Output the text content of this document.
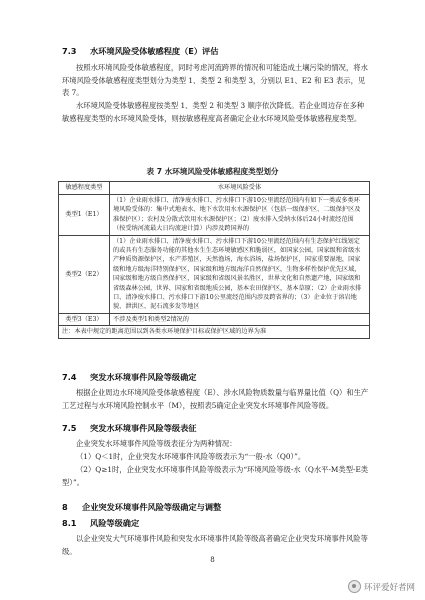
7.3 水环境风险受体敏感程度（E）评估
按照水环境风险受体敏感程度，同时考虑河流跨界的情况和可能造成土壤污染的情况，将水环境风险受体敏感程度类型划分为类型 1、类型 2 和类型 3，分别以 E1、E2 和 E3 表示，见表 7。
水环境风险受体敏感程度按类型 1、类型 2 和类型 3 顺序依次降低。若企业周边存在多种敏感程度类型的水环境风险受体，则按敏感程度高者确定企业水环境风险受体敏感程度类型。
表 7 水环境风险受体敏感程度类型划分
敏感程度类型	水环境风险受体
类型1（E1）	（1）企业雨水排口、清净废水排口、污水排口下游10公里流经范围内有如下一类或多类环境风险受体的：集中式地表水、地下水饮用水水源保护区（包括一级保护区、二级保护区及准保护区）；农村及分散式饮用水水源保护区；（2）废水排入受纳水体后24小时流经范围（按受纳河流最大日均流速计算）内涉及跨国界的
类型2（E2）	（1）企业雨水排口、清净废水排口、污水排口下游10公里流经范围内有生态保护红线划定的或具有生态服务功能的其他水生生态环境敏感区和脆弱区，如国家公园，国家级和省级水产种质资源保护区，水产养殖区，天然渔场，海水浴场，盐场保护区，国家重要湿地，国家级和地方级海洋特别保护区，国家级和地方级海洋自然保护区，生物多样性保护优先区域，国家级和地方级自然保护区，国家级和省级风景名胜区，世界文化和自然遗产地，国家级和省级森林公园，世界、国家和省级地质公园，基本农田保护区，基本草原；（2）企业雨水排口、清净废水排口、污水排口下游10公里流经范围内涉及跨省界的；（3）企业位于溶岩地貌、泄洪区、泥石流多发等地区
类型3（E3）	不涉及类型1和类型2情况的
注：本表中规定的距离范围以到各类水环境保护目标或保护区域的边界为准	
7.4 突发水环境事件风险等级确定
根据企业周边水环境风险受体敏感程度（E）、涉水风险物质数量与临界量比值（Q）和生产工艺过程与水环境风险控制水平（M），按照表5确定企业突发水环境事件风险等级。
7.5 突发水环境事件风险等级表征
企业突发水环境事件风险等级表征分为两种情况：
（1）Q＜1时，企业突发水环境事件风险等级表示为“一般-水（Q0）”。
（2）Q≥1时，企业突发水环境事件风险等级表示为“环境风险等级-水（Q水平-M类型-E类型）”。
8 企业突发环境事件风险等级确定与调整
8.1 风险等级确定
以企业突发大气环境事件风险和突发水环境事件风险等级高者确定企业突发环境事件风险等级。
8
环评爱好者网
